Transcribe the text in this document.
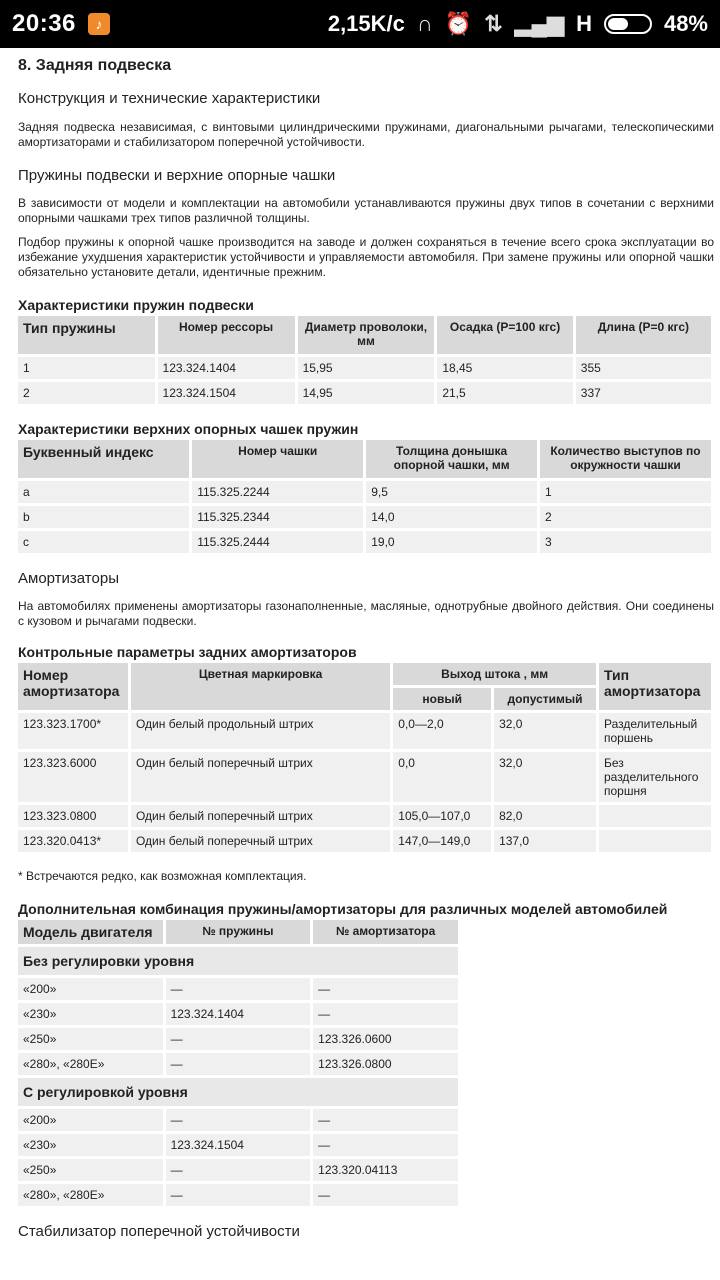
20:36	♪	2,15K/c ∩ ⏰ ⇅ ▂▄▆ H	48%
8. Задняя подвеска

Конструкция и технические характеристики

Задняя подвеска независимая, с винтовыми цилиндрическими пружинами, диагональными рычагами, телескопическими амортизаторами и стабилизатором поперечной устойчивости.

Пружины подвески и верхние опорные чашки

В зависимости от модели и комплектации на автомобили устанавливаются пружины двух типов в сочетании с верхними опорными чашками трех типов различной толщины.

Подбор пружины к опорной чашке производится на заводе и должен сохраняться в течение всего срока эксплуатации во избежание ухудшения характеристик устойчивости и управляемости автомобиля. При замене пружины или опорной чашки обязательно установите детали, идентичные прежним.

Характеристики пружин подвески

Тип пружины	Номер рессоры	Диаметр проволоки, мм	Осадка (P=100 кгс)	Длина (P=0 кгс)
1	123.324.1404	15,95	18,45	355
2	123.324.1504	14,95	21,5	337

Характеристики верхних опорных чашек пружин

Буквенный индекс	Номер чашки	Толщина донышка опорной чашки, мм	Количество выступов по окружности чашки
a	115.325.2244	9,5	1
b	115.325.2344	14,0	2
c	115.325.2444	19,0	3

Амортизаторы

На автомобилях применены амортизаторы газонаполненные, масляные, однотрубные двойного действия. Они соединены с кузовом и рычагами подвески.

Контрольные параметры задних амортизаторов

Номер амортизатора	Цветная маркировка	Выход штока , мм		Тип амортизатора
		новый	допустимый	
123.323.1700*	Один белый продольный штрих	0,0—2,0	32,0	Разделительный поршень
123.323.6000	Один белый поперечный штрих	0,0	32,0	Без разделительного поршня
123.323.0800	Один белый поперечный штрих	105,0—107,0	82,0	
123.320.0413*	Один белый поперечный штрих	147,0—149,0	137,0	

* Встречаются редко, как возможная комплектация.

Дополнительная комбинация пружины/амортизаторы для различных моделей автомобилей

Модель двигателя	№ пружины	№ амортизатора
Без регулировки уровня		
«200»	—	—
«230»	123.324.1404	—
«250»	—	123.326.0600
«280», «280E»	—	123.326.0800
С регулировкой уровня		
«200»	—	—
«230»	123.324.1504	—
«250»	—	123.320.04113
«280», «280E»	—	—

Стабилизатор поперечной устойчивости
